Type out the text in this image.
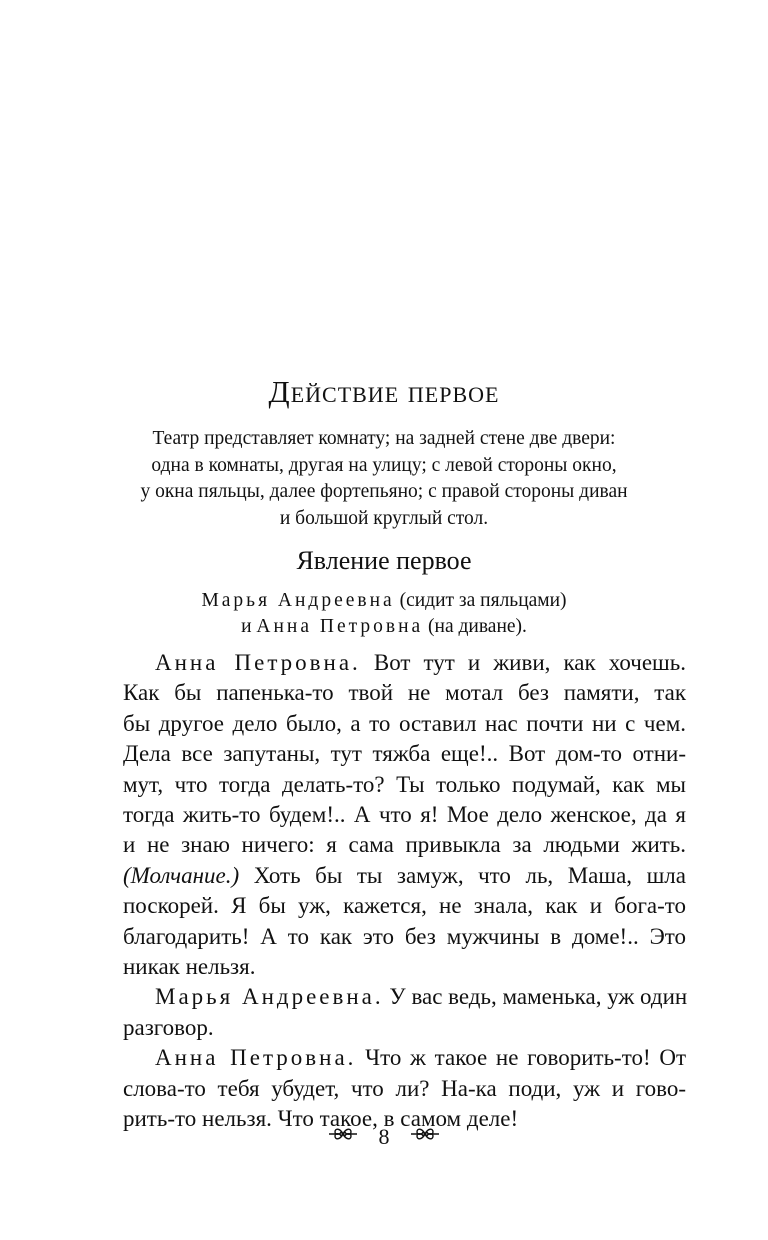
Действие первое
Театр представляет комнату; на задней стене две двери:
одна в комнаты, другая на улицу; с левой стороны окно,
у окна пяльцы, далее фортепьяно; с правой стороны диван
и большой круглый стол.
Явление первое
Марья Андреевна (сидит за пяльцами)
и Анна Петровна (на диване).
Анна Петровна. Вот тут и живи, как хочешь.
Как бы папенька-то твой не мотал без памяти, так
бы другое дело было, а то оставил нас почти ни с чем.
Дела все запутаны, тут тяжба еще!.. Вот дом-то отни-
мут, что тогда делать-то? Ты только подумай, как мы
тогда жить-то будем!.. А что я! Мое дело женское, да я
и не знаю ничего: я сама привыкла за людьми жить.
(Молчание.) Хоть бы ты замуж, что ль, Маша, шла
поскорей. Я бы уж, кажется, не знала, как и бога-то
благодарить! А то как это без мужчины в доме!.. Это
никак нельзя.
Марья Андреевна. У вас ведь, маменька, уж один
разговор.
Анна Петровна. Что ж такое не говорить-то! От
слова-то тебя убудет, что ли? На-ка поди, уж и гово-
рить-то нельзя. Что такое, в самом деле!
8
